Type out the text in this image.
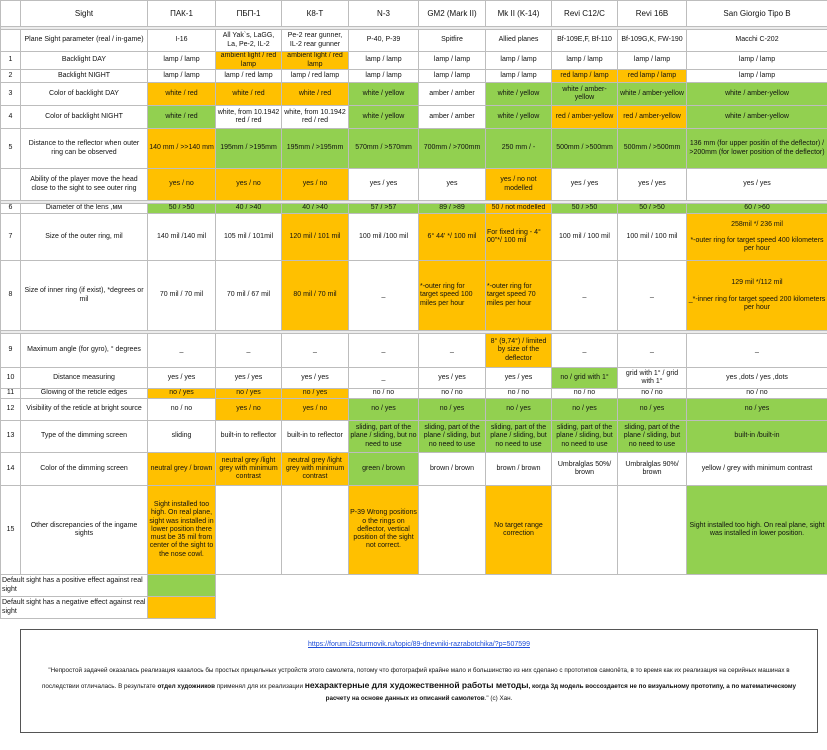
	Sight	ПАК-1	ПБП-1	К8-Т	N-3	GM2 (Mark II)	Mk II (K-14)	Revi C12/C	Revi 16B	San Giorgio Tipo B

	Plane Sight parameter (real / in-game)	I-16	All Yak`s, LaGG, La, Pe-2, IL-2	Pe-2 rear gunner, IL-2 rear gunner	P-40, P-39	Spitfire	Allied planes	Bf-109E,F, Bf-110	Bf-109G,K, FW-190	Macchi C-202
1	Backlight DAY	lamp / lamp	ambient light / red lamp	ambient light / red lamp	lamp / lamp	lamp / lamp	lamp / lamp	lamp / lamp	lamp / lamp	lamp / lamp
2	Backlight NIGHT	lamp / lamp	lamp / red lamp	lamp / red lamp	lamp / lamp	lamp / lamp	lamp / lamp	red lamp / lamp	red lamp / lamp	lamp / lamp
3	Color of backlight DAY	white / red	white / red	white / red	white / yellow	amber / amber	white / yellow	white / amber-yellow	white / amber-yellow	white / amber-yellow
4	Color of backlight NIGHT	white / red	white, from 10.1942 red / red	white, from 10.1942 red / red	white / yellow	amber / amber	white / yellow	red / amber-yellow	red / amber-yellow	white / amber-yellow
5	Distance to the reflector when outer ring can be observed	140 mm / >>140 mm	195mm / >195mm	195mm / >195mm	570mm / >570mm	700mm / >700mm	250 mm / -	500mm / >500mm	500mm / >500mm	136 mm (for upper positin of the deflector) / >200mm (for lower position of the deflector)
	Ability of the player move the head close to the sight to see outer ring	yes / no	yes / no	yes / no	yes / yes	yes	yes / no not modelled	yes / yes	yes / yes	yes / yes

6	Diameter of the lens ,мм	50 / >50	40 / >40	40 / >40	57 / >57	89 / >89	50 / not modelled	50 / >50	50 / >50	60 / >60
7	Size of the outer ring, mil	140 mil /140 mil	105 mil / 101mil	120 mil / 101 mil	100 mil /100 mil	6° 44' */ 100 mil	For fixed ring - 4° 00"*/ 100 mil	100 mil / 100 mil	100 mil / 100 mil	258mil */ 236 mil

*-outer ring for target speed 400 kilometers per hour
8	Size of inner ring (if exist), *degrees or mil	70 mil / 70 mil	70 mil / 67 mil	80 mil / 70 mil	_	*-outer ring for target speed 100 miles per hour	*-outer ring for target speed 70 miles per hour	_	_	129 mil */112 mil

_*-inner ring for target speed 200 kilometers per hour

9	Maximum angle (for gyro), ° degrees	_	_	_	_	_	8° (9,74°) / limited by size of the deflector	_	_	_
10	Distance measuring	yes / yes	yes / yes	yes / yes	_	yes / yes	yes / yes	no / grid with 1°	grid with 1° / grid with 1°	yes ,dots / yes ,dots
11	Glowing of the reticle edges	no / yes	no / yes	no / yes	no / no	no / no	no / no	no / no	no / no	no / no
12	Visibility of the reticle at bright source	no / no	yes / no	yes / no	no / yes	no / yes	no / yes	no / yes	no / yes	no / yes
13	Type of the dimming screen	sliding	built-in to reflector	built-in to reflector	sliding, part of the plane / sliding, but no need to use	sliding, part of the plane / sliding, but no need to use	sliding, part of the plane / sliding, but no need to use	sliding, part of the plane / sliding, but no need to use	sliding, part of the plane / sliding, but no need to use	built-in /built-in
14	Color of the dimming screen	neutral grey / brown	neutral grey /light grey with minimum contrast	neutral grey /light grey with minimum contrast	green / brown	brown / brown	brown / brown	Umbralglas 50%/ brown	Umbralglas 90%/ brown	yellow / grey with minimum contrast
15	Other discrepancies of the ingame sights	Sight installed too high. On real plane, sight was installed in lower position there must be 35 mil from center of the sight to the nose cowl.			P-39 Wrong positions o the rings on deflector, vertical position of the sight not correct.		No target range correction			Sight installed too high. On real plane, sight was installed in lower position.
Default sight has a positive effect against real sight										
Default sight has a negative effect against real sight										
https://forum.il2sturmovik.ru/topic/89-dnevniki-razrabotchika/?p=507599
"Непростой задачей оказалась реализация казалось бы простых прицельных устройств этого самолета, потому что фотографий крайне мало и большинство из них сделано с прототипов самолёта, в то время как их реализация на серийных машинах в последствии отличалась. В результате отдел художников применял для их реализации нехарактерные для художественной работы методы, когда 3д модель воссоздается не по визуальному прототипу, а по математическому расчету на основе данных из описаний самолетов." (с) Хан.
